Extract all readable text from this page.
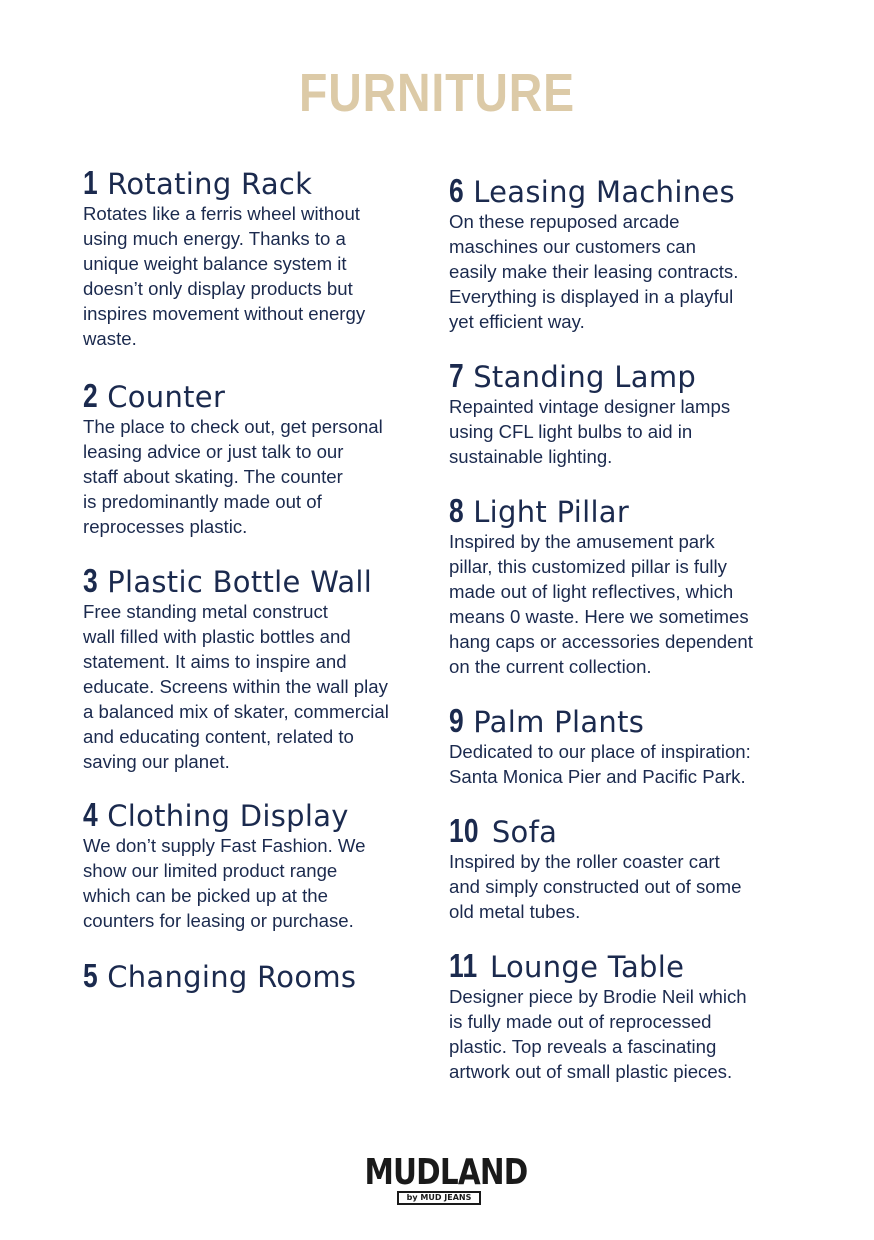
FURNITURE
1 Rotating Rack

Rotates like a ferris wheel without
using much energy. Thanks to a
unique weight balance system it
doesn’t only display products but
inspires movement without energy
waste.

2 Counter

The place to check out, get personal
leasing advice or just talk to our
staff about skating. The counter
is predominantly made out of
reprocesses plastic.

3 Plastic Bottle Wall

Free standing metal construct
wall filled with plastic bottles and
statement. It aims to inspire and
educate. Screens within the wall play
a balanced mix of skater, commercial
and educating content, related to
saving our planet.

4 Clothing Display

We don’t supply Fast Fashion. We
show our limited product range
which can be picked up at the
counters for leasing or purchase.

5 Changing Rooms
6 Leasing Machines

On these repuposed arcade
maschines our customers can
easily make their leasing contracts.
Everything is displayed in a playful
yet efficient way.

7 Standing Lamp

Repainted vintage designer lamps
using CFL light bulbs to aid in
sustainable lighting.

8 Light Pillar

Inspired by the amusement park
pillar, this customized pillar is fully
made out of light reflectives, which
means 0 waste. Here we sometimes
hang caps or accessories dependent
on the current collection.

9 Palm Plants

Dedicated to our place of inspiration:
Santa Monica Pier and Pacific Park.

10 Sofa

Inspired by the roller coaster cart
and simply constructed out of some
old metal tubes.

11 Lounge Table

Designer piece by Brodie Neil which
is fully made out of reprocessed
plastic. Top reveals a fascinating
artwork out of small plastic pieces.

MUDLAND
by MUD JEANS
